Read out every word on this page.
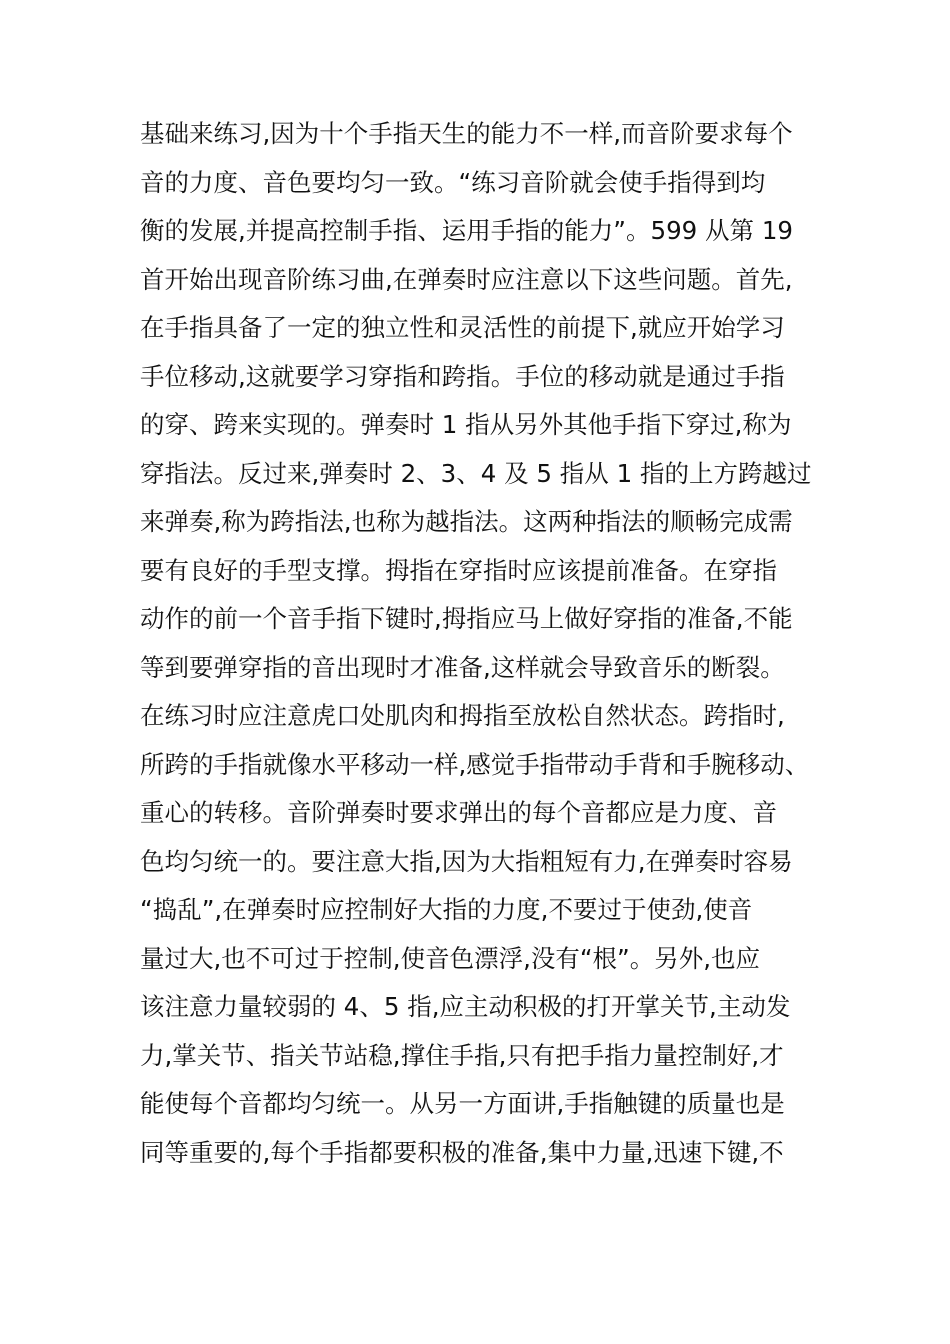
基础来练习,因为十个手指天生的能力不一样,而音阶要求每个
音的力度、音色要均匀一致。“练习音阶就会使手指得到均
衡的发展,并提高控制手指、运用手指的能力”。599 从第 19
首开始出现音阶练习曲,在弹奏时应注意以下这些问题。首先,
在手指具备了一定的独立性和灵活性的前提下,就应开始学习
手位移动,这就要学习穿指和跨指。手位的移动就是通过手指
的穿、跨来实现的。弹奏时 1 指从另外其他手指下穿过,称为
穿指法。反过来,弹奏时 2、3、4 及 5 指从 1 指的上方跨越过
来弹奏,称为跨指法,也称为越指法。这两种指法的顺畅完成需
要有良好的手型支撑。拇指在穿指时应该提前准备。在穿指
动作的前一个音手指下键时,拇指应马上做好穿指的准备,不能
等到要弹穿指的音出现时才准备,这样就会导致音乐的断裂。
在练习时应注意虎口处肌肉和拇指至放松自然状态。跨指时,
所跨的手指就像水平移动一样,感觉手指带动手背和手腕移动、
重心的转移。音阶弹奏时要求弹出的每个音都应是力度、音
色均匀统一的。要注意大指,因为大指粗短有力,在弹奏时容易
“捣乱”,在弹奏时应控制好大指的力度,不要过于使劲,使音
量过大,也不可过于控制,使音色漂浮,没有“根”。另外,也应
该注意力量较弱的 4、5 指,应主动积极的打开掌关节,主动发
力,掌关节、指关节站稳,撑住手指,只有把手指力量控制好,才
能使每个音都均匀统一。从另一方面讲,手指触键的质量也是
同等重要的,每个手指都要积极的准备,集中力量,迅速下键,不
